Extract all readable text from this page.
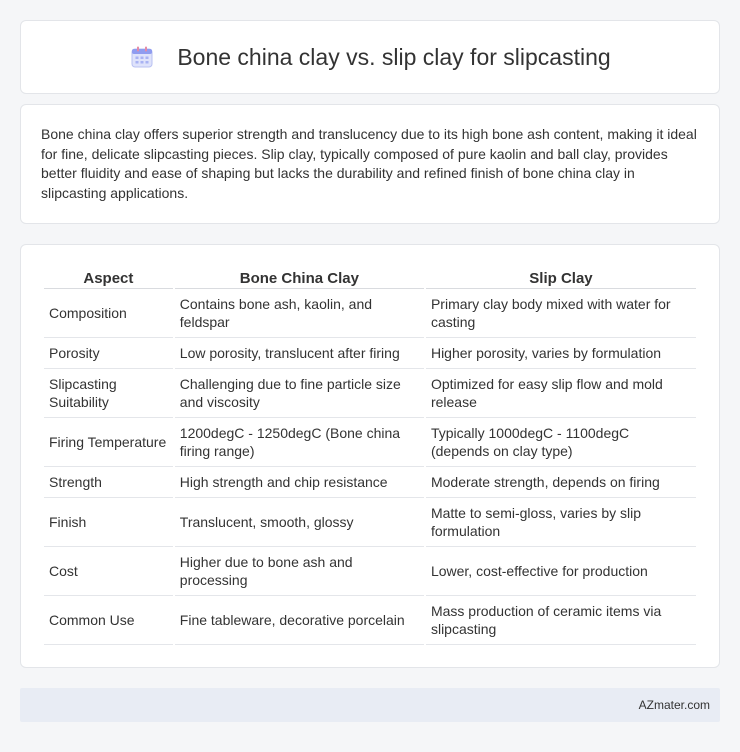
Bone china clay vs. slip clay for slipcasting

Bone china clay offers superior strength and translucency due to its high bone ash content, making it ideal for fine, delicate slipcasting pieces. Slip clay, typically composed of pure kaolin and ball clay, provides better fluidity and ease of shaping but lacks the durability and refined finish of bone china clay in slipcasting applications.

Aspect	Bone China Clay	Slip Clay
Composition	Contains bone ash, kaolin, and feldspar	Primary clay body mixed with water for casting
Porosity	Low porosity, translucent after firing	Higher porosity, varies by formulation
Slipcasting Suitability	Challenging due to fine particle size and viscosity	Optimized for easy slip flow and mold release
Firing Temperature	1200degC - 1250degC (Bone china firing range)	Typically 1000degC - 1100degC (depends on clay type)
Strength	High strength and chip resistance	Moderate strength, depends on firing
Finish	Translucent, smooth, glossy	Matte to semi-gloss, varies by slip formulation
Cost	Higher due to bone ash and processing	Lower, cost-effective for production
Common Use	Fine tableware, decorative porcelain	Mass production of ceramic items via slipcasting
AZmater.com
